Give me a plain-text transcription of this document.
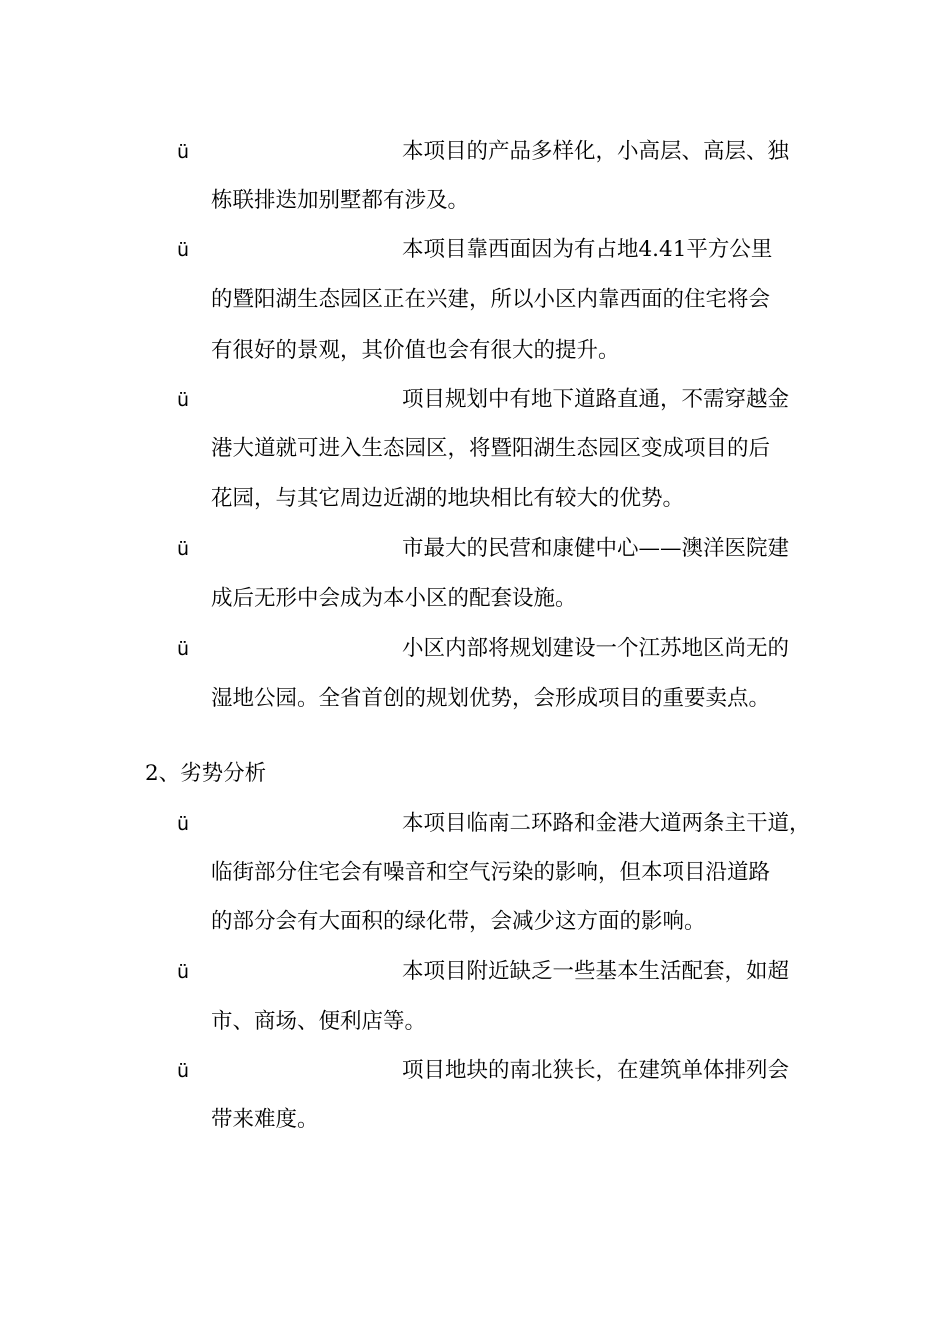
ü	本项目的产品多样化，小高层、高层、独
栋联排迭加别墅都有涉及。
ü	本项目靠西面因为有占地4.41平方公里
的暨阳湖生态园区正在兴建，所以小区内靠西面的住宅将会
有很好的景观，其价值也会有很大的提升。
ü	项目规划中有地下道路直通，不需穿越金
港大道就可进入生态园区，将暨阳湖生态园区变成项目的后
花园，与其它周边近湖的地块相比有较大的优势。
ü	市最大的民营和康健中心——澳洋医院建
成后无形中会成为本小区的配套设施。
ü	小区内部将规划建设一个江苏地区尚无的
湿地公园。全省首创的规划优势，会形成项目的重要卖点。
2、劣势分析
ü	本项目临南二环路和金港大道两条主干道，
临街部分住宅会有噪音和空气污染的影响，但本项目沿道路
的部分会有大面积的绿化带，会减少这方面的影响。
ü	本项目附近缺乏一些基本生活配套，如超
市、商场、便利店等。
ü	项目地块的南北狭长，在建筑单体排列会
带来难度。
